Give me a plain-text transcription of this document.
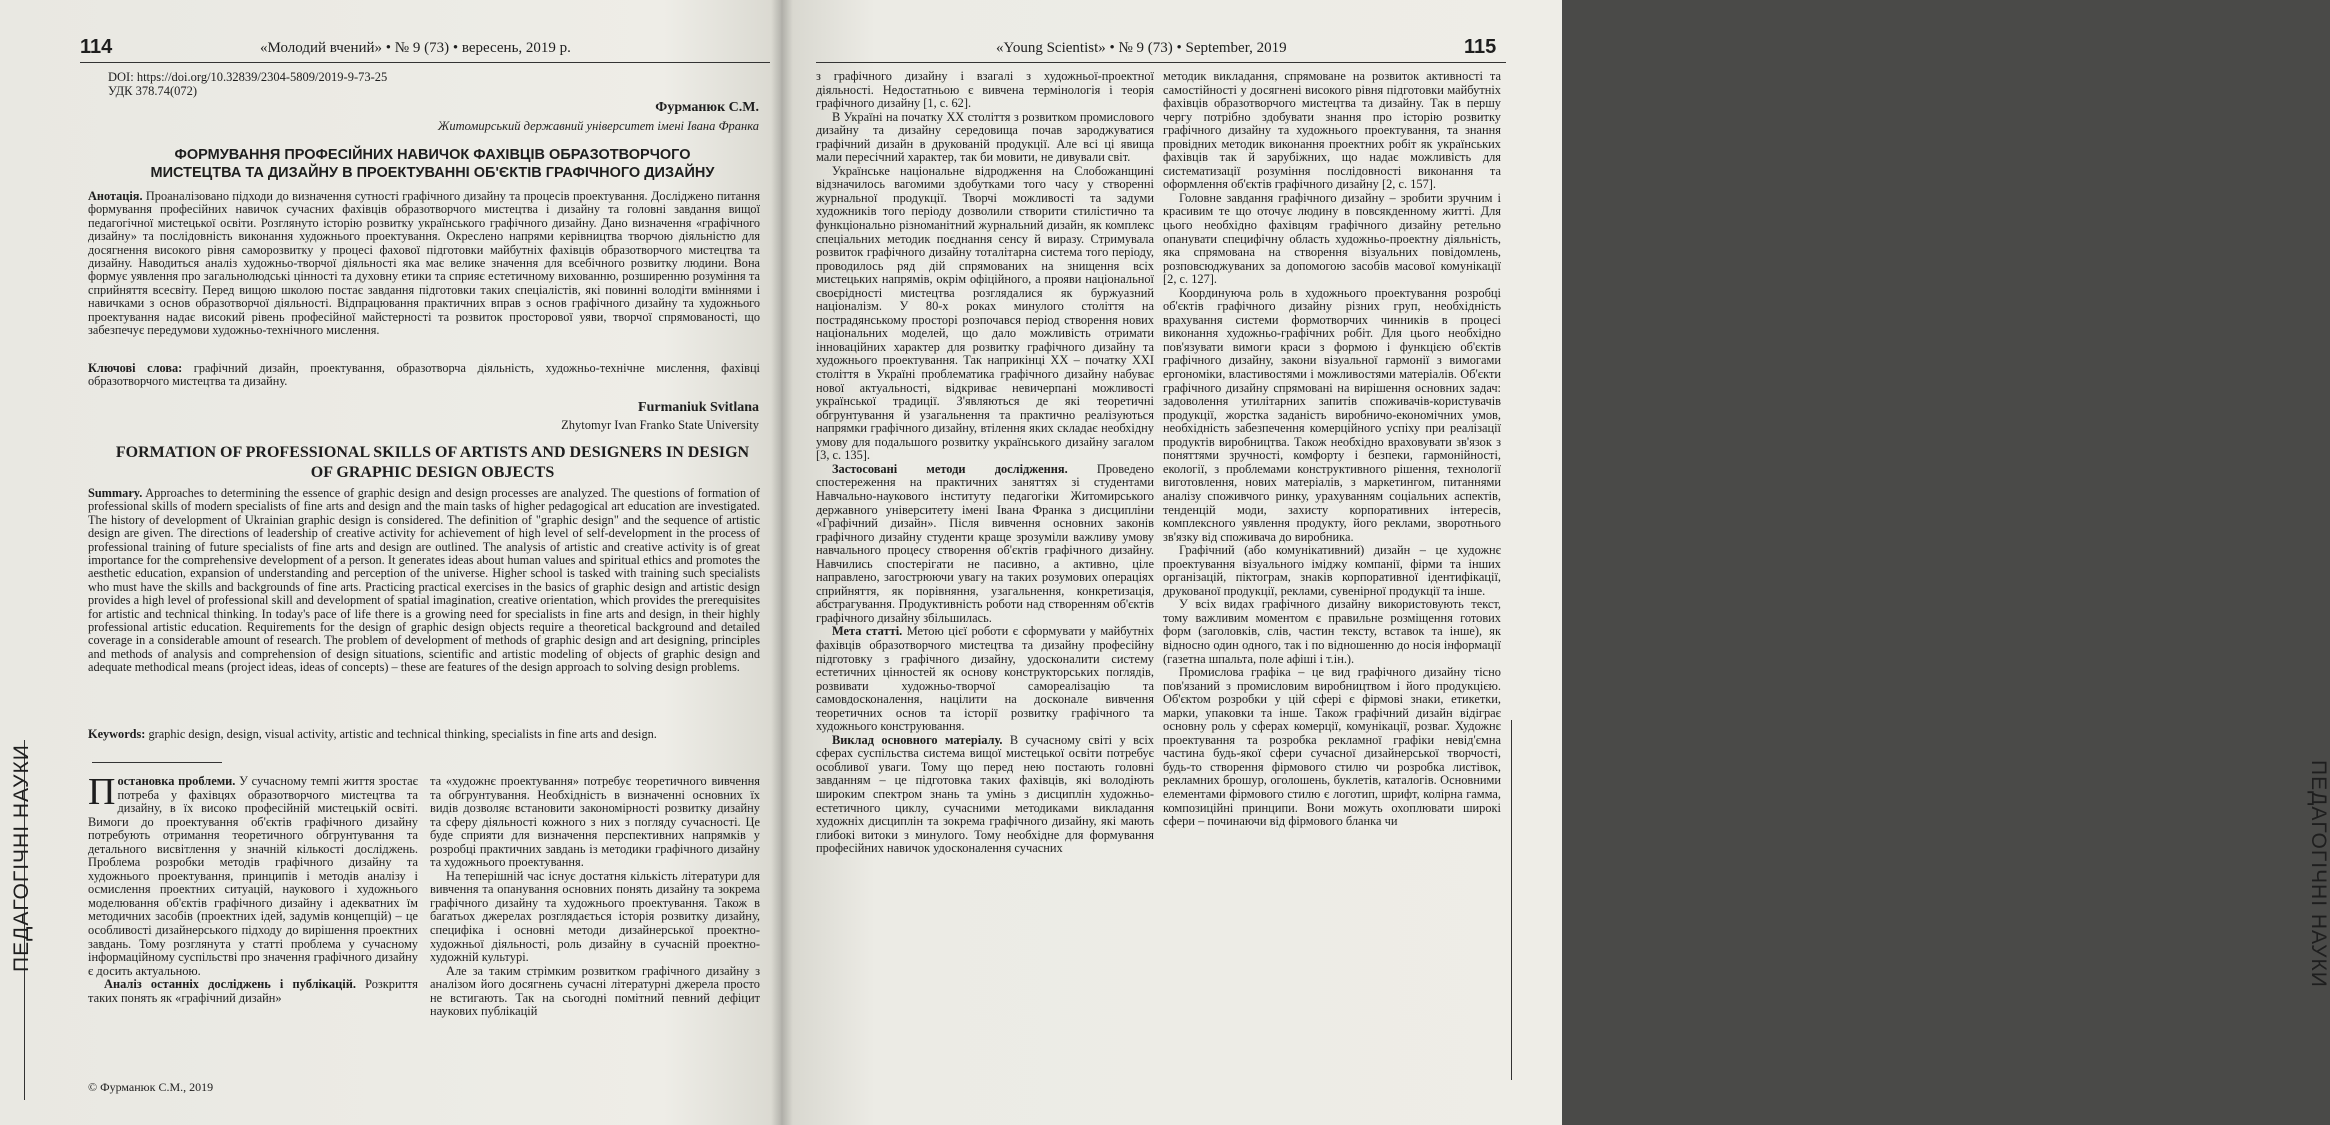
114	«Молодий вчений» • № 9 (73) • вересень, 2019 р.
DOI: https://doi.org/10.32839/2304-5809/2019-9-73-25
УДК 378.74(072)
Фурманюк С.М.
Житомирський державний університет імені Івана Франка
ФОРМУВАННЯ ПРОФЕСІЙНИХ НАВИЧОК ФАХІВЦІВ ОБРАЗОТВОРЧОГО
МИСТЕЦТВА ТА ДИЗАЙНУ В ПРОЕКТУВАННІ ОБ'ЄКТІВ ГРАФІЧНОГО ДИЗАЙНУ
Анотація. Проаналізовано підходи до визначення сутності графічного дизайну та процесів проектування. Досліджено питання формування професійних навичок сучасних фахівців образотворчого мистецтва і дизайну та головні завдання вищої педагогічної мистецької освіти. Розглянуто історію розвитку українського графічного дизайну. Дано визначення «графічного дизайну» та послідовність виконання художнього проектування. Окреслено напрями керівництва творчою діяльністю для досягнення високого рівня саморозвитку у процесі фахової підготовки майбутніх фахівців образотворчого мистецтва та дизайну. Наводиться аналіз художньо-творчої діяльності яка має велике значення для всебічного розвитку людини. Вона формує уявлення про загальнолюдські цінності та духовну етики та сприяє естетичному вихованню, розширенню розуміння та сприйняття всесвіту. Перед вищою школою постає завдання підготовки таких спеціалістів, які повинні володіти вміннями і навичками з основ образотворчої діяльності. Відпрацювання практичних вправ з основ графічного дизайну та художнього проектування надає високий рівень професійної майстерності та розвиток просторової уяви, творчої спрямованості, що забезпечує передумови художньо-технічного мислення.
Ключові слова: графічний дизайн, проектування, образотворча діяльність, художньо-технічне мислення, фахівці образотворчого мистецтва та дизайну.
Furmaniuk Svitlana
Zhytomyr Ivan Franko State University
FORMATION OF PROFESSIONAL SKILLS OF ARTISTS AND DESIGNERS IN DESIGN
OF GRAPHIC DESIGN OBJECTS
Summary. Approaches to determining the essence of graphic design and design processes are analyzed. The questions of formation of professional skills of modern specialists of fine arts and design and the main tasks of higher pedagogical art education are investigated. The history of development of Ukrainian graphic design is considered. The definition of "graphic design" and the sequence of artistic design are given. The directions of leadership of creative activity for achievement of high level of self-development in the process of professional training of future specialists of fine arts and design are outlined. The analysis of artistic and creative activity is of great importance for the comprehensive development of a person. It generates ideas about human values and spiritual ethics and promotes the aesthetic education, expansion of understanding and perception of the universe. Higher school is tasked with training such specialists who must have the skills and backgrounds of fine arts. Practicing practical exercises in the basics of graphic design and artistic design provides a high level of professional skill and development of spatial imagination, creative orientation, which provides the prerequisites for artistic and technical thinking. In today's pace of life there is a growing need for specialists in fine arts and design, in their highly professional artistic education. Requirements for the design of graphic design objects require a theoretical background and detailed coverage in a considerable amount of research. The problem of development of methods of graphic design and art designing, principles and methods of analysis and comprehension of design situations, scientific and artistic modeling of objects of graphic design and adequate methodical means (project ideas, ideas of concepts) – these are features of the design approach to solving design problems.
Keywords: graphic design, design, visual activity, artistic and technical thinking, specialists in fine arts and design.

Постановка проблеми. У сучасному темпі життя зростає потреба у фахівцях образотворчого мистецтва та дизайну, в їх високо професійній мистецькій освіті. Вимоги до проектування об'єктів графічного дизайну потребують отримання теоретичного обгрунтування та детального висвітлення у значній кількості досліджень. Проблема розробки методів графічного дизайну та художнього проектування, принципів і методів аналізу і осмислення проектних ситуацій, наукового і художнього моделювання об'єктів графічного дизайну і адекватних їм методичних засобів (проектних ідей, задумів концепцій) – це особливості дизайнерського підходу до вирішення проектних завдань. Тому розглянута у статті проблема у сучасному інформаційному суспільстві про значення графічного дизайну є досить актуальною.

Аналіз останніх досліджень і публікацій. Розкриття таких понять як «графічний дизайн»

та «художнє проектування» потребує теоретичного вивчення та обгрунтування. Необхідність в визначенні основних їх видів дозволяє встановити закономірності розвитку дизайну та сферу діяльності кожного з них з погляду сучасності. Це буде сприяти для визначення перспективних напрямків у розробці практичних завдань із методики графічного дизайну та художнього проектування.

На теперішній час існує достатня кількість літератури для вивчення та опанування основних понять дизайну та зокрема графічного дизайну та художнього проектування. Також в багатьох джерелах розглядається історія розвитку дизайну, специфіка і основні методи дизайнерської проектно-художньої діяльності, роль дизайну в сучасній проектно-художній культурі.

Але за таким стрімким розвитком графічного дизайну з аналізом його досягнень сучасні літературні джерела просто не встигають. Так на сьогодні помітний певний дефіцит наукових публікацій

© Фурманюк С.М., 2019
ПЕДАГОГІЧНІ НАУКИ
«Young Scientist» • № 9 (73) • September, 2019	115

з графічного дизайну і взагалі з художньої-проектної діяльності. Недостатньою є вивчена термінологія і теорія графічного дизайну [1, с. 62].

В Україні на початку XX століття з розвитком промислового дизайну та дизайну середовища почав зароджуватися графічний дизайн в друкованій продукції. Але всі ці явища мали пересічний характер, так би мовити, не дивували світ.

Українське національне відродження на Слобожанщині відзначилось вагомими здобутками того часу у створенні журнальної продукції. Творчі можливості та задуми художників того періоду дозволили створити стилістично та функціонально різноманітний журнальний дизайн, як комплекс спеціальних методик поєднання сенсу й виразу. Стримувала розвиток графічного дизайну тоталітарна система того періоду, проводилось ряд дій спрямованих на знищення всіх мистецьких напрямів, окрім офіційного, а прояви національної своєрідності мистецтва розглядалися як буржуазний націоналізм. У 80-х роках минулого століття на пострадянському просторі розпочався період створення нових національних моделей, що дало можливість отримати інноваційних характер для розвитку графічного дизайну та художнього проектування. Так наприкінці XX – початку XXI століття в Україні проблематика графічного дизайну набуває нової актуальності, відкриває невичерпані можливості української традиції. З'являються де які теоретичні обгрунтування й узагальнення та практично реалізуються напрямки графічного дизайну, втілення яких складає необхідну умову для подальшого розвитку українського дизайну загалом [3, с. 135].

Застосовані методи дослідження. Проведено спостереження на практичних заняттях зі студентами Навчально-наукового інституту педагогіки Житомирського державного університету імені Івана Франка з дисципліни «Графічний дизайн». Після вивчення основних законів графічного дизайну студенти краще зрозуміли важливу умову навчального процесу створення об'єктів графічного дизайну. Навчились спостерігати не пасивно, а активно, ціле направлено, загострюючи увагу на таких розумових операціях сприйняття, як порівняння, узагальнення, конкретизація, абстрагування. Продуктивність роботи над створенням об'єктів графічного дизайну збільшилась.

Мета статті. Метою цієї роботи є сформувати у майбутніх фахівців образотворчого мистецтва та дизайну професійну підготовку з графічного дизайну, удосконалити систему естетичних цінностей як основу конструкторських поглядів, розвивати художньо-творчої самореалізацію та самовдосконалення, націлити на досконале вивчення теоретичних основ та історії розвитку графічного та художнього конструювання.

Виклад основного матеріалу. В сучасному світі у всіх сферах суспільства система вищої мистецької освіти потребує особливої уваги. Тому що перед нею постають головні завданням – це підготовка таких фахівців, які володіють широким спектром знань та умінь з дисциплін художньо-естетичного циклу, сучасними методиками викладання художніх дисциплін та зокрема графічного дизайну, які мають глибокі витоки з минулого. Тому необхідне для формування професійних навичок удосконалення сучасних

методик викладання, спрямоване на розвиток активності та самостійності у досягнені високого рівня підготовки майбутніх фахівців образотворчого мистецтва та дизайну. Так в першу чергу потрібно здобувати знання про історію розвитку графічного дизайну та художнього проектування, та знання провідних методик виконання проектних робіт як українських фахівців так й зарубіжних, що надає можливість для систематизації розуміння послідовності виконання та оформлення об'єктів графічного дизайну [2, с. 157].

Головне завдання графічного дизайну – зробити зручним і красивим те що оточує людину в повсякденному житті. Для цього необхідно фахівцям графічного дизайну ретельно опанувати специфічну область художньо-проектну діяльність, яка спрямована на створення візуальних повідомлень, розповсюджуваних за допомогою засобів масової комунікації [2, с. 127].

Координуюча роль в художнього проектування розробці об'єктів графічного дизайну різних груп, необхідність врахування системи формотворчих чинників в процесі виконання художньо-графічних робіт. Для цього необхідно пов'язувати вимоги краси з формою і функцією об'єктів графічного дизайну, закони візуальної гармонії з вимогами ергономіки, властивостями і можливостями матеріалів. Об'єкти графічного дизайну спрямовані на вирішення основних задач: задоволення утилітарних запитів споживачів-користувачів продукції, жорстка заданість виробничо-економічних умов, необхідність забезпечення комерційного успіху при реалізації продуктів виробництва. Також необхідно враховувати зв'язок з поняттями зручності, комфорту і безпеки, гармонійності, екології, з проблемами конструктивного рішення, технології виготовлення, нових матеріалів, з маркетингом, питаннями аналізу споживчого ринку, урахуванням соціальних аспектів, тенденцій моди, захисту корпоративних інтересів, комплексного уявлення продукту, його реклами, зворотнього зв'язку від споживача до виробника.

Графічний (або комунікативний) дизайн – це художнє проектування візуального іміджу компанії, фірми та інших організацій, піктограм, знаків корпоративної ідентифікації, друкованої продукції, реклами, сувенірної продукції та інше.

У всіх видах графічного дизайну використовують текст, тому важливим моментом є правильне розміщення готових форм (заголовків, слів, частин тексту, вставок та інше), як відносно один одного, так і по відношенню до носія інформації (газетна шпальта, поле афіші і т.ін.).

Промислова графіка – це вид графічного дизайну тісно пов'язаний з промисловим виробництвом і його продукцією. Об'єктом розробки у цій сфері є фірмові знаки, етикетки, марки, упаковки та інше. Також графічний дизайн відіграє основну роль у сферах комерції, комунікації, розваг. Художнє проектування та розробка рекламної графіки невід'ємна частина будь-якої сфери сучасної дизайнерської творчості, будь-то створення фірмового стилю чи розробка листівок, рекламних брошур, оголошень, буклетів, каталогів. Основними елементами фірмового стилю є логотип, шрифт, колірна гамма, композиційні принципи. Вони можуть охоплювати широкі сфери – починаючи від фірмового бланка чи	ПЕДАГОГІЧНІ НАУКИ
